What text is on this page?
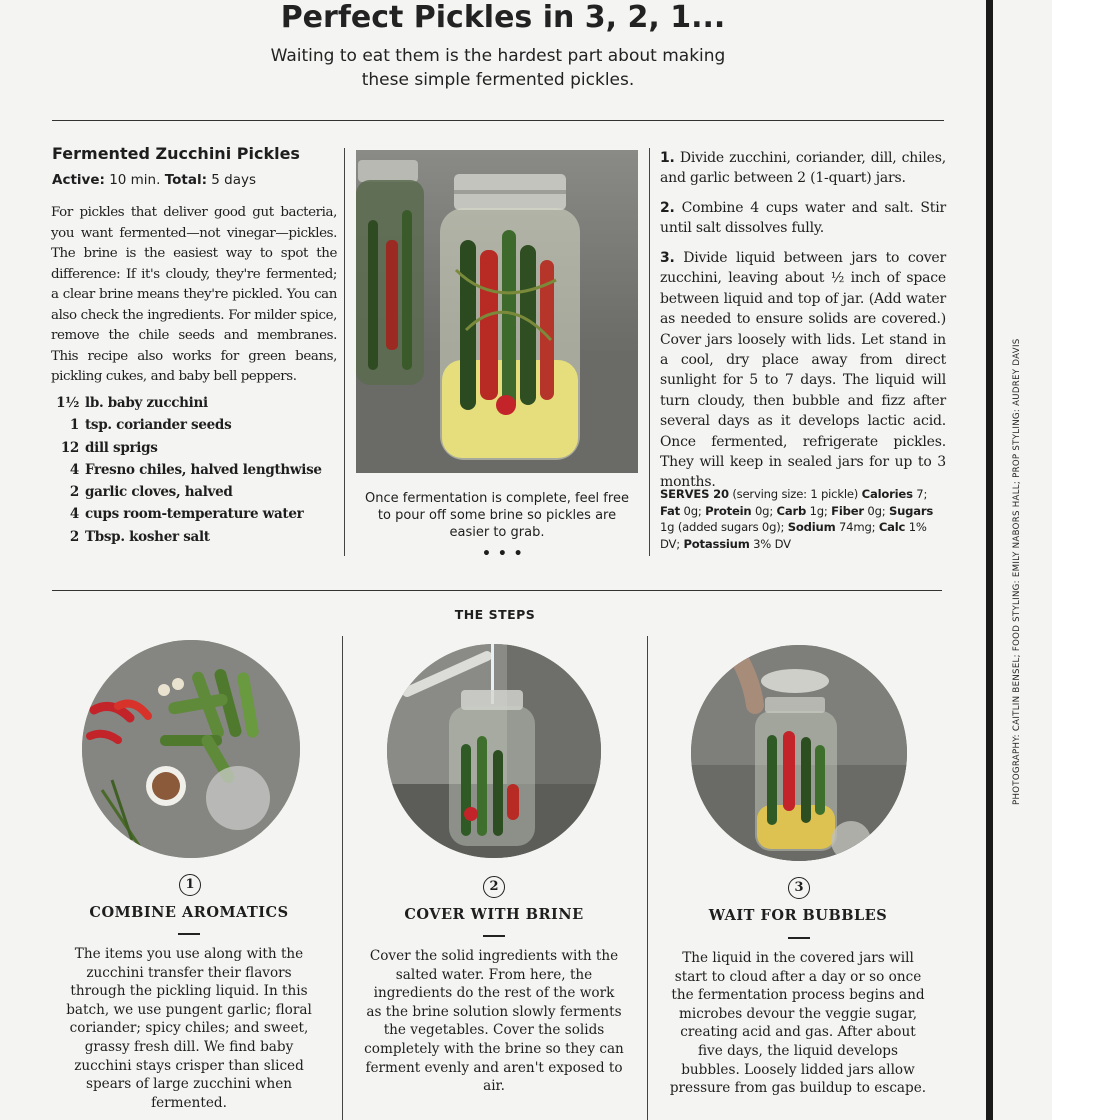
PHOTOGRAPHY: CAITLIN BENSEL; FOOD STYLING: EMILY NABORS HALL; PROP STYLING: AUDREY DAVIS
Perfect Pickles in 3, 2, 1...

Waiting to eat them is the hardest part about making these simple fermented pickles.

Fermented Zucchini Pickles
Active: 10 min. Total: 5 days

For pickles that deliver good gut bacteria, you want fermented—not vinegar—pickles. The brine is the easiest way to spot the difference: If it's cloudy, they're fermented; a clear brine means they're pickled. You can also check the ingredients. For milder spice, remove the chile seeds and membranes. This recipe also works for green beans, pickling cukes, and baby bell peppers.

1½ lb. baby zucchini
1 tsp. coriander seeds
12 dill sprigs
4 Fresno chiles, halved lengthwise
2 garlic cloves, halved
4 cups room-temperature water
2 Tbsp. kosher salt

Once fermentation is complete, feel free to pour off some brine so pickles are easier to grab.

• • •

1. Divide zucchini, coriander, dill, chiles, and garlic between 2 (1-quart) jars.

2. Combine 4 cups water and salt. Stir until salt dissolves fully.

3. Divide liquid between jars to cover zucchini, leaving about ½ inch of space between liquid and top of jar. (Add water as needed to ensure solids are covered.) Cover jars loosely with lids. Let stand in a cool, dry place away from direct sunlight for 5 to 7 days. The liquid will turn cloudy, then bubble and fizz after several days as it develops lactic acid. Once fermented, refrigerate pickles. They will keep in sealed jars for up to 3 months.

SERVES 20 (serving size: 1 pickle) Calories 7; Fat 0g; Protein 0g; Carb 1g; Fiber 0g; Sugars 1g (added sugars 0g); Sodium 74mg; Calc 1% DV; Potassium 3% DV

THE STEPS
1
COMBINE AROMATICS

The items you use along with the zucchini transfer their flavors through the pickling liquid. In this batch, we use pungent garlic; floral coriander; spicy chiles; and sweet, grassy fresh dill. We find baby zucchini stays crisper than sliced spears of large zucchini when fermented.

2
COVER WITH BRINE

Cover the solid ingredients with the salted water. From here, the ingredients do the rest of the work as the brine solution slowly ferments the vegetables. Cover the solids completely with the brine so they can ferment evenly and aren't exposed to air.

3
WAIT FOR BUBBLES

The liquid in the covered jars will start to cloud after a day or so once the fermentation process begins and microbes devour the veggie sugar, creating acid and gas. After about five days, the liquid develops bubbles. Loosely lidded jars allow pressure from gas buildup to escape.
